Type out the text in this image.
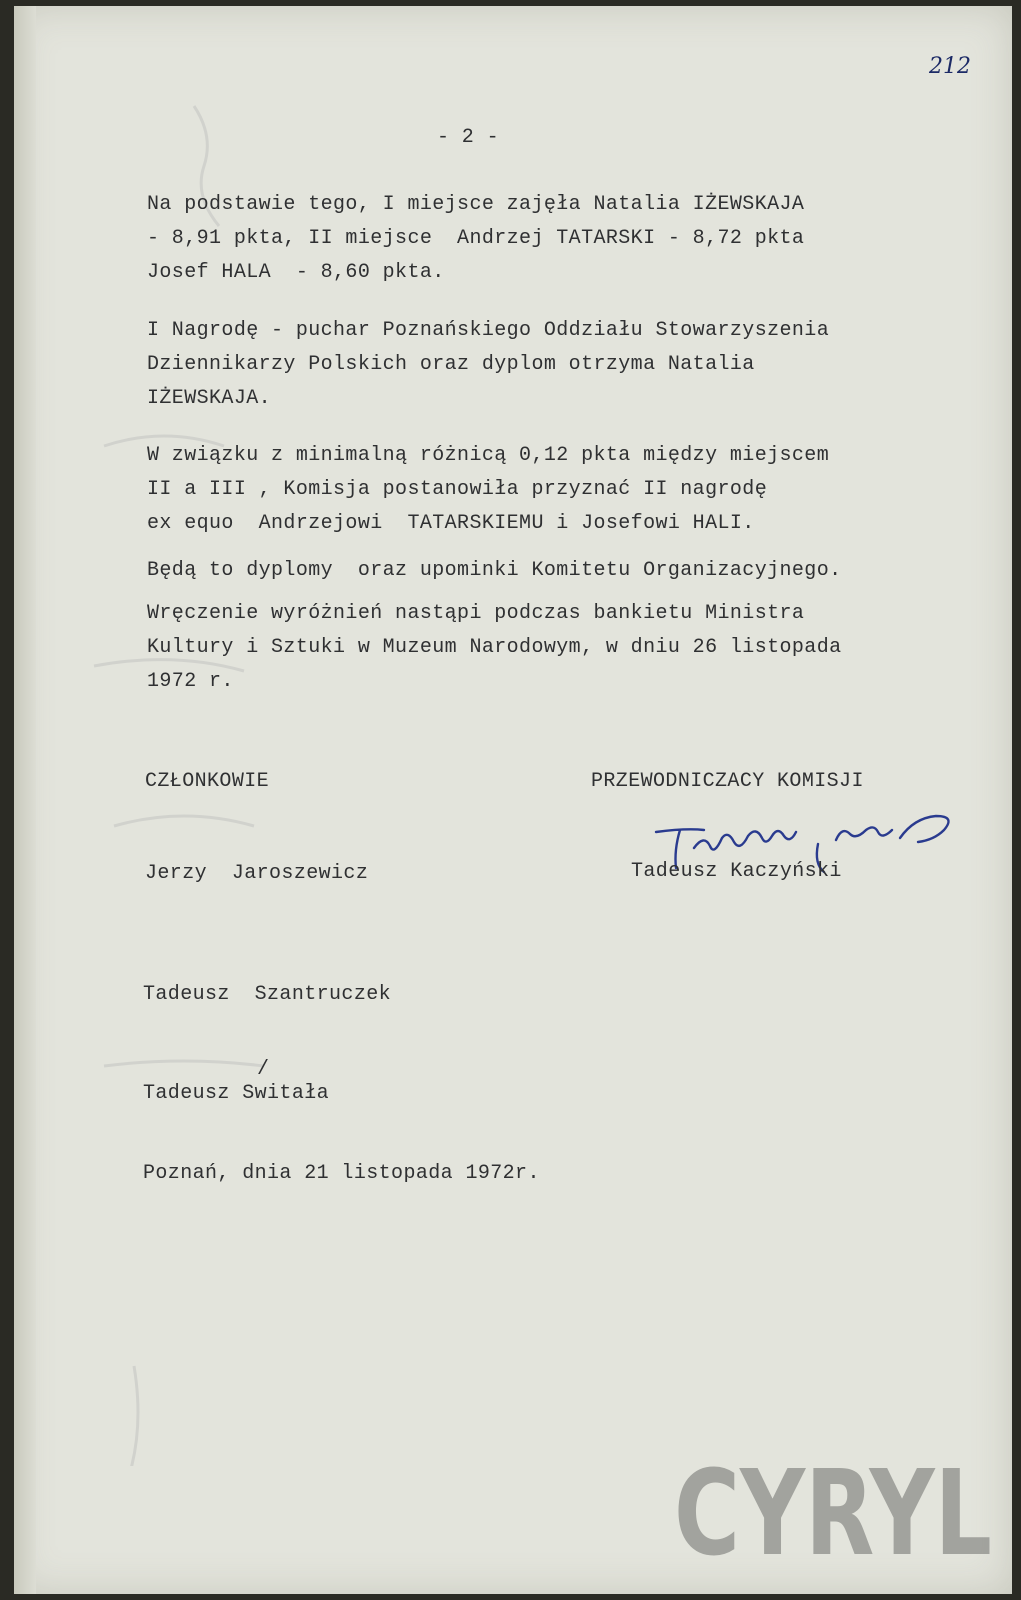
212
- 2 -
Na podstawie tego, I miejsce zajęła Natalia IŻEWSKAJA
- 8,91 pkta, II miejsce  Andrzej TATARSKI - 8,72 pkta
Josef HALA  - 8,60 pkta.
I Nagrodę - puchar Poznańskiego Oddziału Stowarzyszenia
Dziennikarzy Polskich oraz dyplom otrzyma Natalia
IŻEWSKAJA.
W związku z minimalną różnicą 0,12 pkta między miejscem
II a III , Komisja postanowiła przyznać II nagrodę
ex equo  Andrzejowi  TATARSKIEMU i Josefowi HALI.
Będą to dyplomy  oraz upominki Komitetu Organizacyjnego.
Wręczenie wyróżnień nastąpi podczas bankietu Ministra
Kultury i Sztuki w Muzeum Narodowym, w dniu 26 listopada
1972 r.
CZŁONKOWIE	PRZEWODNICZACY KOMISJI
Tadeusz Kaczyński
Jerzy  Jaroszewicz
Tadeusz  Szantruczek
/
Tadeusz Switała
Poznań, dnia 21 listopada 1972r.
CYRYL
